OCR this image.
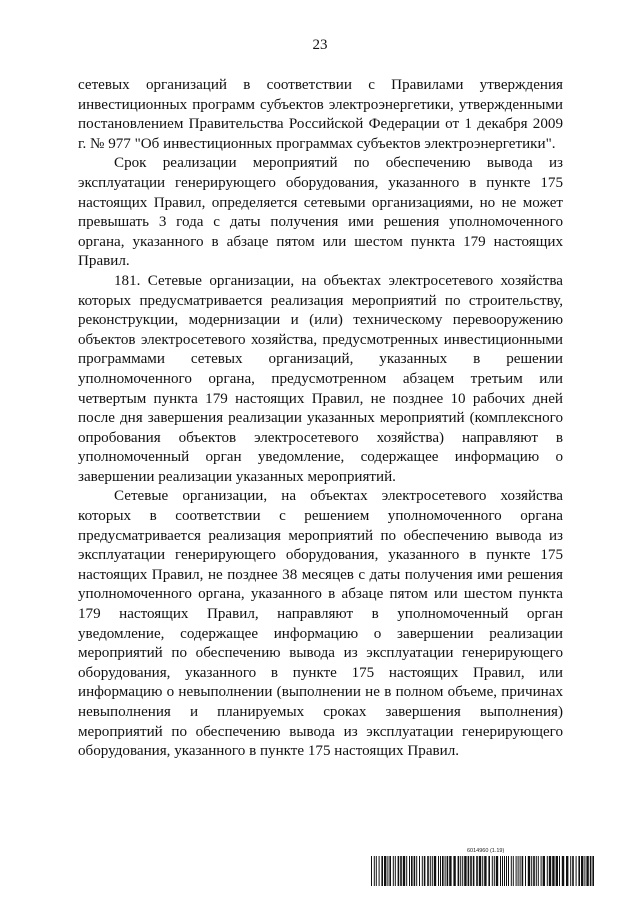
23

сетевых организаций в соответствии с Правилами утверждения инвестиционных программ субъектов электроэнергетики, утвержденными постановлением Правительства Российской Федерации от 1 декабря 2009 г. № 977 "Об инвестиционных программах субъектов электроэнергетики".

Срок реализации мероприятий по обеспечению вывода из эксплуатации генерирующего оборудования, указанного в пункте 175 настоящих Правил, определяется сетевыми организациями, но не может превышать 3 года с даты получения ими решения уполномоченного органа, указанного в абзаце пятом или шестом пункта 179 настоящих Правил.

181. Сетевые организации, на объектах электросетевого хозяйства которых предусматривается реализация мероприятий по строительству, реконструкции, модернизации и (или) техническому перевооружению объектов электросетевого хозяйства, предусмотренных инвестиционными программами сетевых организаций, указанных в решении уполномоченного органа, предусмотренном абзацем третьим или четвертым пункта 179 настоящих Правил, не позднее 10 рабочих дней после дня завершения реализации указанных мероприятий (комплексного опробования объектов электросетевого хозяйства) направляют в уполномоченный орган уведомление, содержащее информацию о завершении реализации указанных мероприятий.

Сетевые организации, на объектах электросетевого хозяйства которых в соответствии с решением уполномоченного органа предусматривается реализация мероприятий по обеспечению вывода из эксплуатации генерирующего оборудования, указанного в пункте 175 настоящих Правил, не позднее 38 месяцев с даты получения ими решения уполномоченного органа, указанного в абзаце пятом или шестом пункта 179 настоящих Правил, направляют в уполномоченный орган уведомление, содержащее информацию о завершении реализации мероприятий по обеспечению вывода из эксплуатации генерирующего оборудования, указанного в пункте 175 настоящих Правил, или информацию о невыполнении (выполнении не в полном объеме, причинах невыполнения и планируемых сроках завершения выполнения) мероприятий по обеспечению вывода из эксплуатации генерирующего оборудования, указанного в пункте 175 настоящих Правил.

6014960 (1.19)
